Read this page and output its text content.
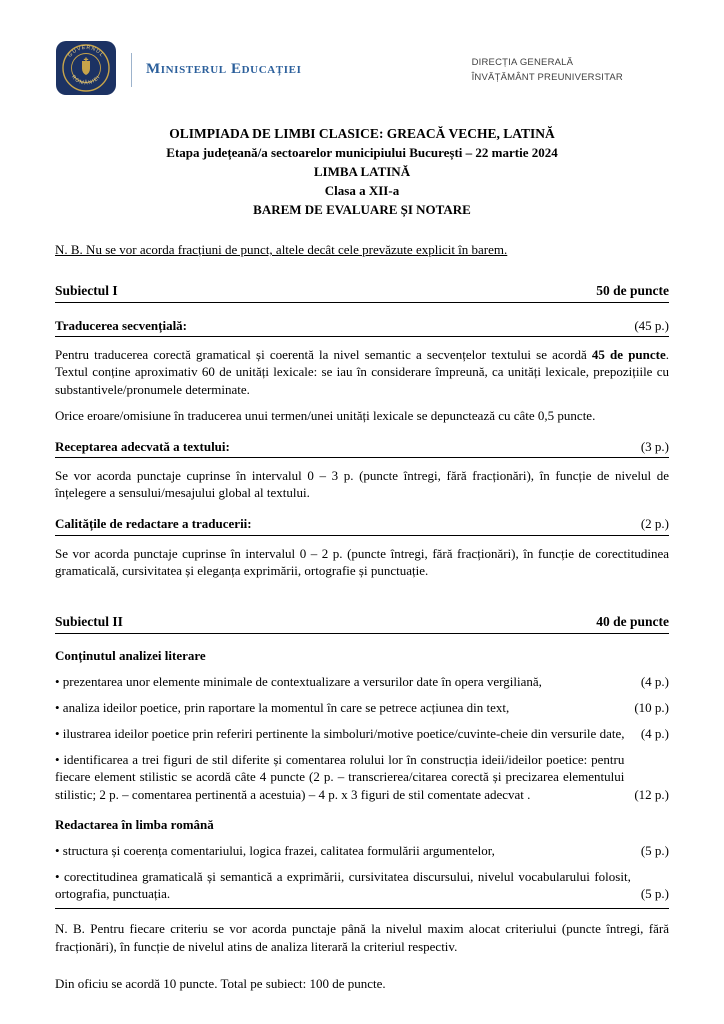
GUVERNUL
ROMÂNIEI	Ministerul Educației	DIRECȚIA GENERALĂ
ÎNVĂȚĂMÂNT PREUNIVERSITAR
OLIMPIADA DE LIMBI CLASICE: GREACĂ VECHE, LATINĂ
Etapa județeană/a sectoarelor municipiului București – 22 martie 2024
LIMBA LATINĂ
Clasa a XII-a
BAREM DE EVALUARE ȘI NOTARE

N. B. Nu se vor acorda fracțiuni de punct, altele decât cele prevăzute explicit în barem.

Subiectul I	50 de puncte
Traducerea secvențială:	(45 p.)

Pentru traducerea corectă gramatical și coerentă la nivel semantic a secvențelor textului se acordă 45 de puncte. Textul conține aproximativ 60 de unități lexicale: se iau în considerare împreună, ca unități lexicale, prepozițiile cu substantivele/pronumele determinate.

Orice eroare/omisiune în traducerea unui termen/unei unități lexicale se depunctează cu câte 0,5 puncte.

Receptarea adecvată a textului:	(3 p.)

Se vor acorda punctaje cuprinse în intervalul 0 – 3 p. (puncte întregi, fără fracționări), în funcție de nivelul de înțelegere a sensului/mesajului global al textului.

Calitățile de redactare a traducerii:	(2 p.)

Se vor acorda punctaje cuprinse în intervalul 0 – 2 p. (puncte întregi, fără fracționări), în funcție de corectitudinea gramaticală, cursivitatea și eleganța exprimării, ortografie și punctuație.

Subiectul II	40 de puncte
Conținutul analizei literare
• prezentarea unor elemente minimale de contextualizare a versurilor date în opera vergiliană,	(4 p.)
• analiza ideilor poetice, prin raportare la momentul în care se petrece acțiunea din text,	(10 p.)
• ilustrarea ideilor poetice prin referiri pertinente la simboluri/motive poetice/cuvinte-cheie din versurile date,	(4 p.)
• identificarea a trei figuri de stil diferite și comentarea rolului lor în construcția ideii/ideilor poetice: pentru fiecare element stilistic se acordă câte 4 puncte (2 p. – transcrierea/citarea corectă și precizarea elementului stilistic; 2 p. – comentarea pertinentă a acestuia) – 4 p. x 3 figuri de stil comentate adecvat .	(12 p.)
Redactarea în limba română
• structura și coerența comentariului, logica frazei, calitatea formulării argumentelor,	(5 p.)
• corectitudinea gramaticală și semantică a exprimării, cursivitatea discursului, nivelul vocabularului folosit, ortografia, punctuația.	(5 p.)

N. B. Pentru fiecare criteriu se vor acorda punctaje până la nivelul maxim alocat criteriului (puncte întregi, fără fracționări), în funcție de nivelul atins de analiza literară la criteriul respectiv.

Din oficiu se acordă 10 puncte. Total pe subiect: 100 de puncte.
